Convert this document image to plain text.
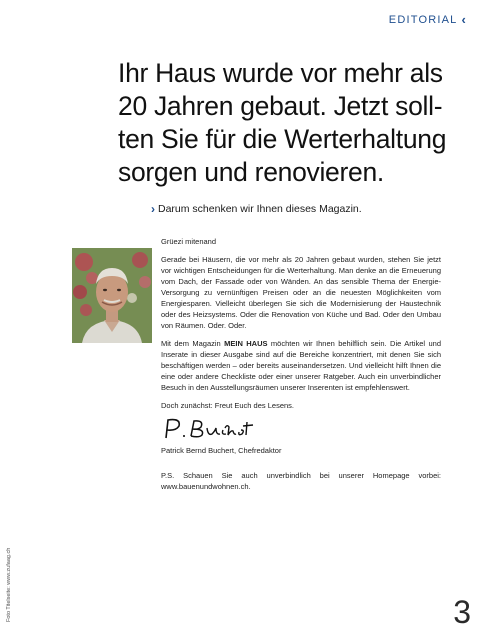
EDITORIAL ‹
Ihr Haus wurde vor mehr als
20 Jahren gebaut. Jetzt soll-
ten Sie für die Werterhaltung
sorgen und renovieren.
› Darum schenken wir Ihnen dieses Magazin.

Grüezi mitenand

Gerade bei Häusern, die vor mehr als 20 Jahren gebaut wurden, stehen Sie jetzt vor wichtigen Entscheidungen für die Werterhaltung. Man denke an die Erneuerung vom Dach, der Fassade oder von Wänden. An das sensible Thema der Energie-Versorgung zu vernünftigen Preisen oder an die neuesten Möglichkeiten vom Energiesparen. Vielleicht überlegen Sie sich die Modernisierung der Haustechnik oder des Heizsystems. Oder die Renovation von Küche und Bad. Oder den Umbau von Räumen. Oder. Oder.

Mit dem Magazin MEIN HAUS möchten wir Ihnen behilflich sein. Die Artikel und Inserate in dieser Ausgabe sind auf die Bereiche konzentriert, mit denen Sie sich beschäftigen werden – oder bereits auseinandersetzen. Und vielleicht hilft Ihnen die eine oder andere Checkliste oder einer unserer Ratgeber. Auch ein unverbindlicher Besuch in den Ausstellungsräumen unserer Inserenten ist empfehlenswert.

Doch zunächst: Freut Euch des Lesens.

Patrick Bernd Buchert, Chefredaktor

P.S. Schauen Sie auch unverbindlich bei unserer Homepage vorbei: www.bauenundwohnen.ch.

Foto Titelseite: www.zufaag.ch	3
